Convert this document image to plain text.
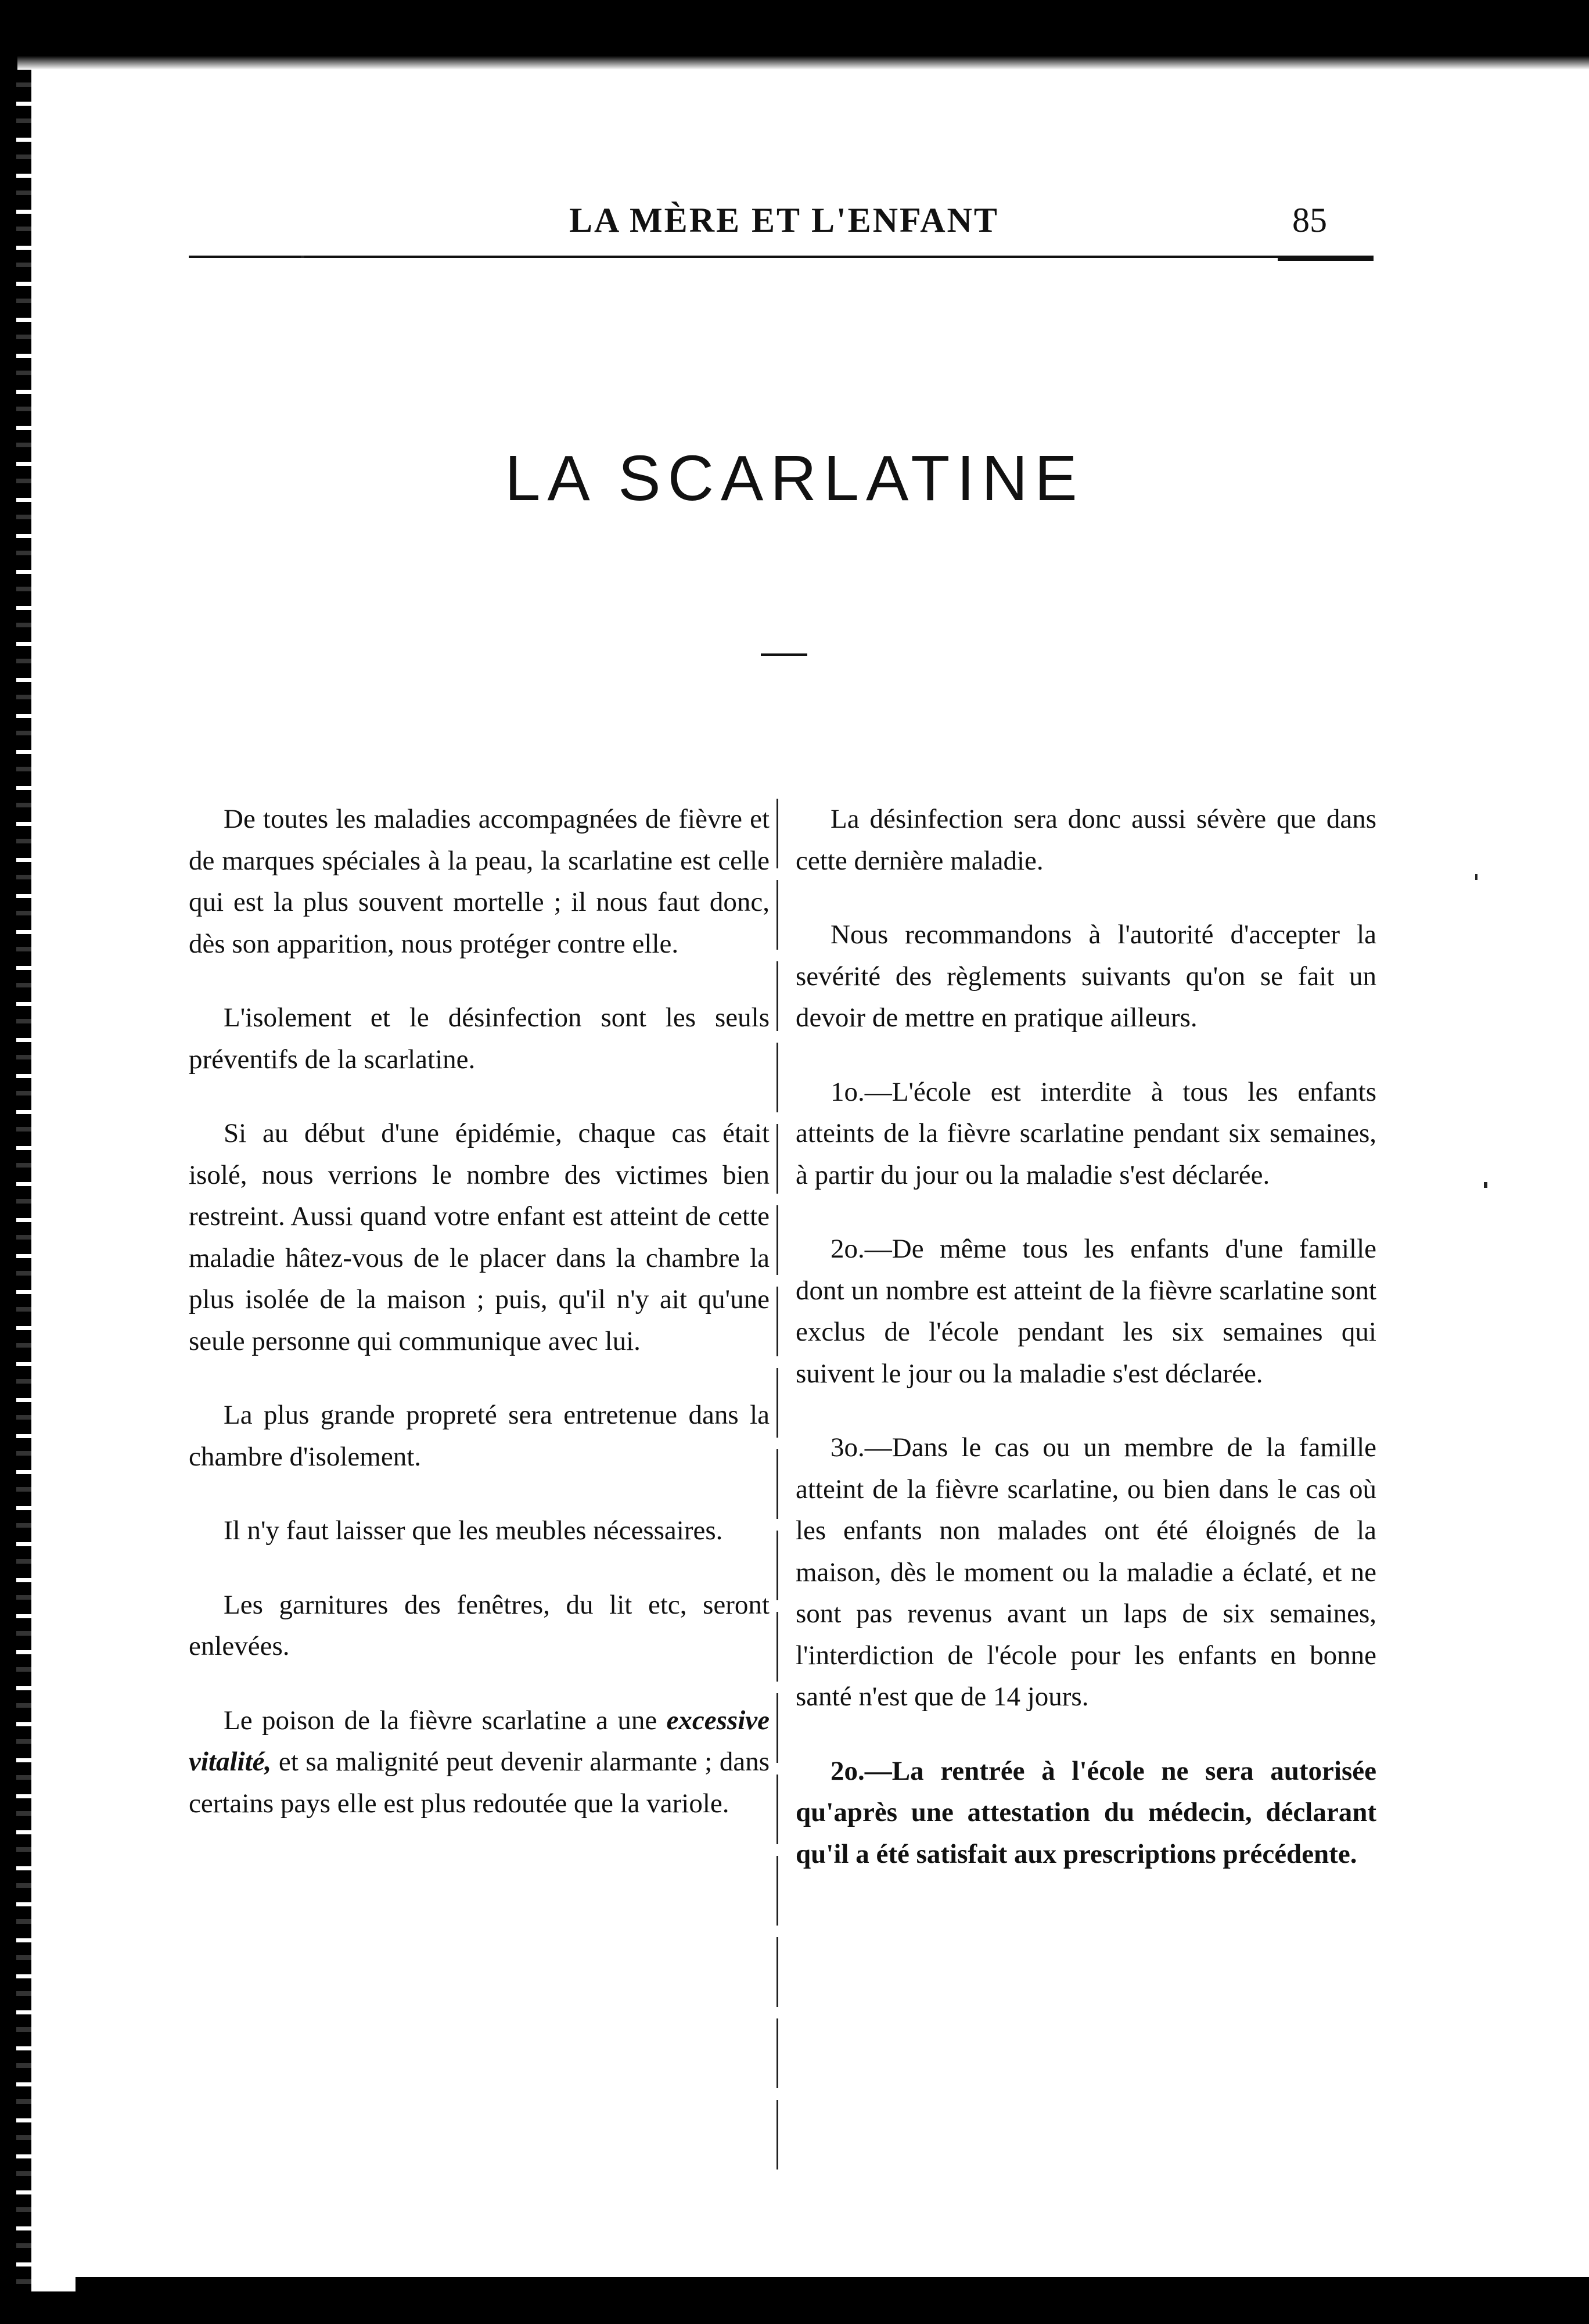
LA MÈRE ET L'ENFANT	85
LA SCARLATINE

De toutes les maladies accompagnées de fièvre et de marques spéciales à la peau, la scarlatine est celle qui est la plus souvent mortelle ; il nous faut donc, dès son apparition, nous protéger contre elle.

L'isolement et le désinfection sont les seuls préventifs de la scarlatine.

Si au début d'une épidémie, chaque cas était isolé, nous verrions le nombre des victimes bien restreint. Aussi quand votre enfant est atteint de cette maladie hâtez-vous de le placer dans la chambre la plus isolée de la maison ; puis, qu'il n'y ait qu'une seule personne qui communique avec lui.

La plus grande propreté sera entretenue dans la chambre d'isolement.

Il n'y faut laisser que les meubles nécessaires.

Les garnitures des fenêtres, du lit etc, seront enlevées.

Le poison de la fièvre scarlatine a une excessive vitalité, et sa malignité peut devenir alarmante ; dans certains pays elle est plus redoutée que la variole.

La désinfection sera donc aussi sévère que dans cette dernière maladie.

Nous recommandons à l'autorité d'accepter la sevérité des règlements suivants qu'on se fait un devoir de mettre en pratique ailleurs.

1o.—L'école est interdite à tous les enfants atteints de la fièvre scarlatine pendant six semaines, à partir du jour ou la maladie s'est déclarée.

2o.—De même tous les enfants d'une famille dont un nombre est atteint de la fièvre scarlatine sont exclus de l'école pendant les six semaines qui suivent le jour ou la maladie s'est déclarée.

3o.—Dans le cas ou un membre de la famille atteint de la fièvre scarlatine, ou bien dans le cas où les enfants non malades ont été éloignés de la maison, dès le moment ou la maladie a éclaté, et ne sont pas revenus avant un laps de six semaines, l'interdiction de l'école pour les enfants en bonne santé n'est que de 14 jours.

2o.—La rentrée à l'école ne sera autorisée qu'après une attestation du médecin, déclarant qu'il a été satisfait aux prescriptions précédente.
